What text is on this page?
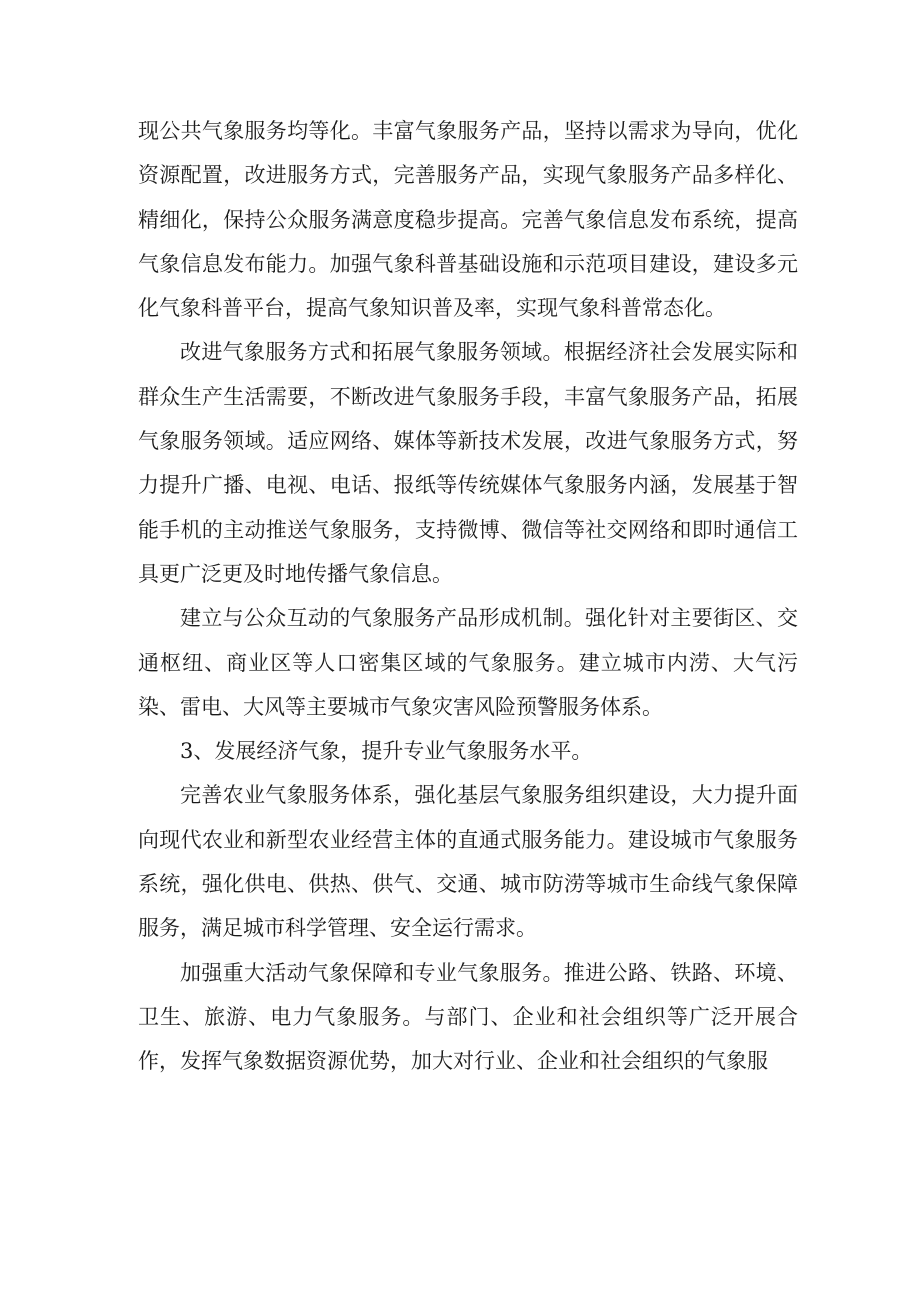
现公共气象服务均等化。丰富气象服务产品，坚持以需求为导向，优化资源配置，改进服务方式，完善服务产品，实现气象服务产品多样化、精细化，保持公众服务满意度稳步提高。完善气象信息发布系统，提高气象信息发布能力。加强气象科普基础设施和示范项目建设，建设多元化气象科普平台，提高气象知识普及率，实现气象科普常态化。

改进气象服务方式和拓展气象服务领域。根据经济社会发展实际和群众生产生活需要，不断改进气象服务手段，丰富气象服务产品，拓展气象服务领域。适应网络、媒体等新技术发展，改进气象服务方式，努力提升广播、电视、电话、报纸等传统媒体气象服务内涵，发展基于智能手机的主动推送气象服务，支持微博、微信等社交网络和即时通信工具更广泛更及时地传播气象信息。

建立与公众互动的气象服务产品形成机制。强化针对主要街区、交通枢纽、商业区等人口密集区域的气象服务。建立城市内涝、大气污染、雷电、大风等主要城市气象灾害风险预警服务体系。

3、发展经济气象，提升专业气象服务水平。

完善农业气象服务体系，强化基层气象服务组织建设，大力提升面向现代农业和新型农业经营主体的直通式服务能力。建设城市气象服务系统，强化供电、供热、供气、交通、城市防涝等城市生命线气象保障服务，满足城市科学管理、安全运行需求。

加强重大活动气象保障和专业气象服务。推进公路、铁路、环境、卫生、旅游、电力气象服务。与部门、企业和社会组织等广泛开展合作，发挥气象数据资源优势，加大对行业、企业和社会组织的气象服
